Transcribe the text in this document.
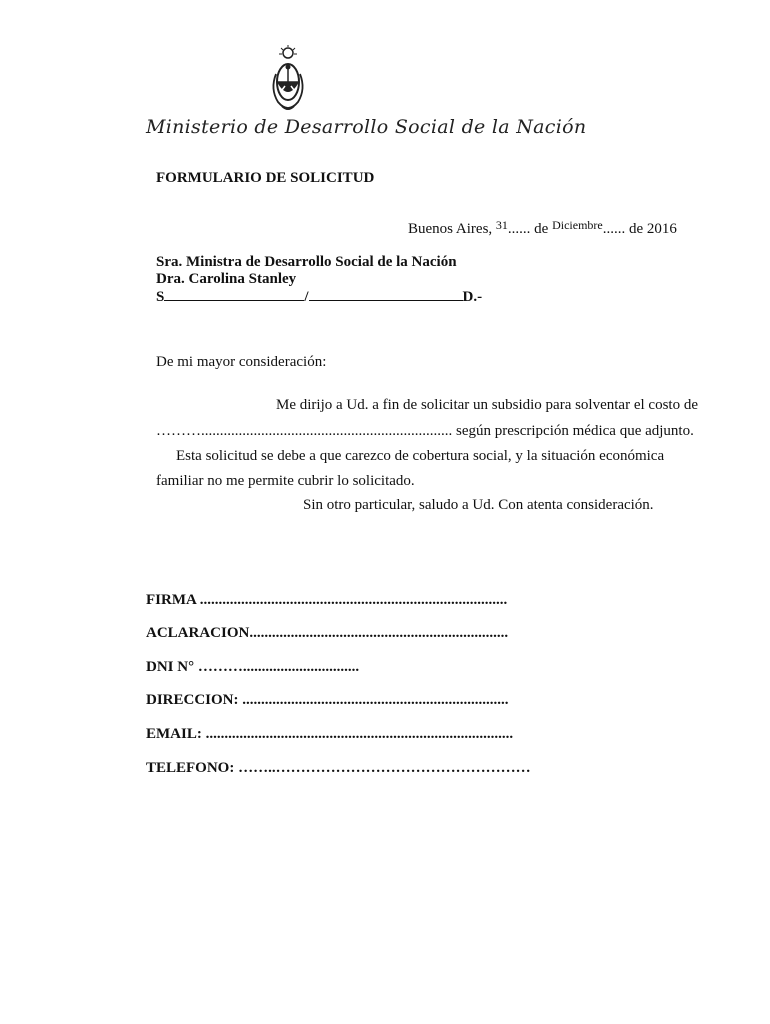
Ministerio de Desarrollo Social de la Nación
FORMULARIO DE SOLICITUD
Buenos Aires, $^{31}$...... de $^{Diciembre}$...... de 2016
Sra. Ministra de Desarrollo Social de la Nación
Dra. Carolina Stanley
S	/	D.-
De mi mayor consideración:
Me dirijo a Ud. a fin de solicitar un subsidio para solventar el costo de
………................................................................... según prescripción médica que adjunto.
Esta solicitud se debe a que carezco de cobertura social, y la situación económica
familiar no me permite cubrir lo solicitado.
Sin otro particular, saludo a Ud. Con atenta consideración.
FIRMA ..................................................................................
ACLARACION.....................................................................
DNI N° ………...............................
DIRECCION: .......................................................................
EMAIL: ..................................................................................
TELEFONO: ……..……………………………………………
